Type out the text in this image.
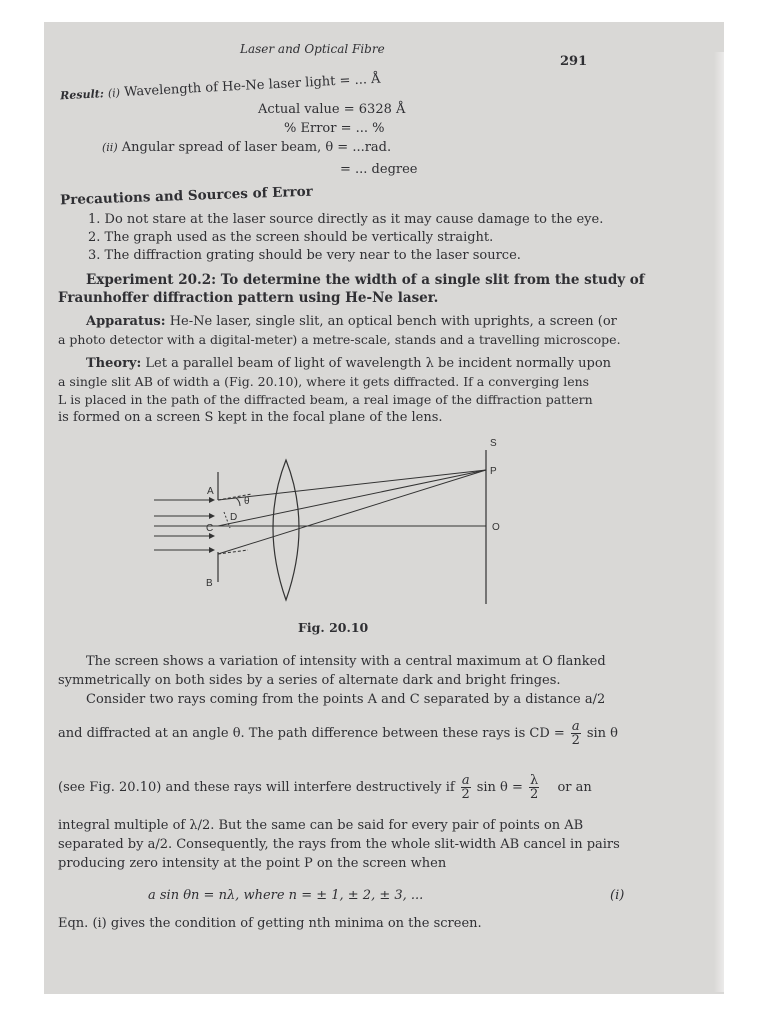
Laser and Optical Fibre
291
Result: (i) Wavelength of He-Ne laser light = ... Å
Actual value = 6328 Å
% Error = ... %
(ii) Angular spread of laser beam, θ = ...rad.
= ... degree
Precautions and Sources of Error
1. Do not stare at the laser source directly as it may cause damage to the eye.
2. The graph used as the screen should be vertically straight.
3. The diffraction grating should be very near to the laser source.
Experiment 20.2: To determine the width of a single slit from the study of
Fraunhoffer diffraction pattern using He-Ne laser.
Apparatus: He-Ne laser, single slit, an optical bench with uprights, a screen (or
a photo detector with a digital-meter) a metre-scale, stands and a travelling microscope.
Theory: Let a parallel beam of light of wavelength λ be incident normally upon
a single slit AB of width a (Fig. 20.10), where it gets diffracted. If a converging lens
L is placed in the path of the diffracted beam, a real image of the diffraction pattern
is formed on a screen S kept in the focal plane of the lens.
S
P
O
A
B
C
D
θ
Fig. 20.10
The screen shows a variation of intensity with a central maximum at O flanked
symmetrically on both sides by a series of alternate dark and bright fringes.
Consider two rays coming from the points A and C separated by a distance a/2
and diffracted at an angle θ. The path difference between these rays is CD = $\frac{a}{2}$ sin θ
(see Fig. 20.10) and these rays will interfere destructively if $\frac{a}{2}$ $\sin \theta = \frac{\lambda}{2}$ or an
integral multiple of λ/2. But the same can be said for every pair of points on AB
separated by a/2. Consequently, the rays from the whole slit-width AB cancel in pairs
producing zero intensity at the point P on the screen when
a sin θn = nλ, where n = ± 1, ± 2, ± 3, ...	(i)
Eqn. (i) gives the condition of getting nth minima on the screen.
